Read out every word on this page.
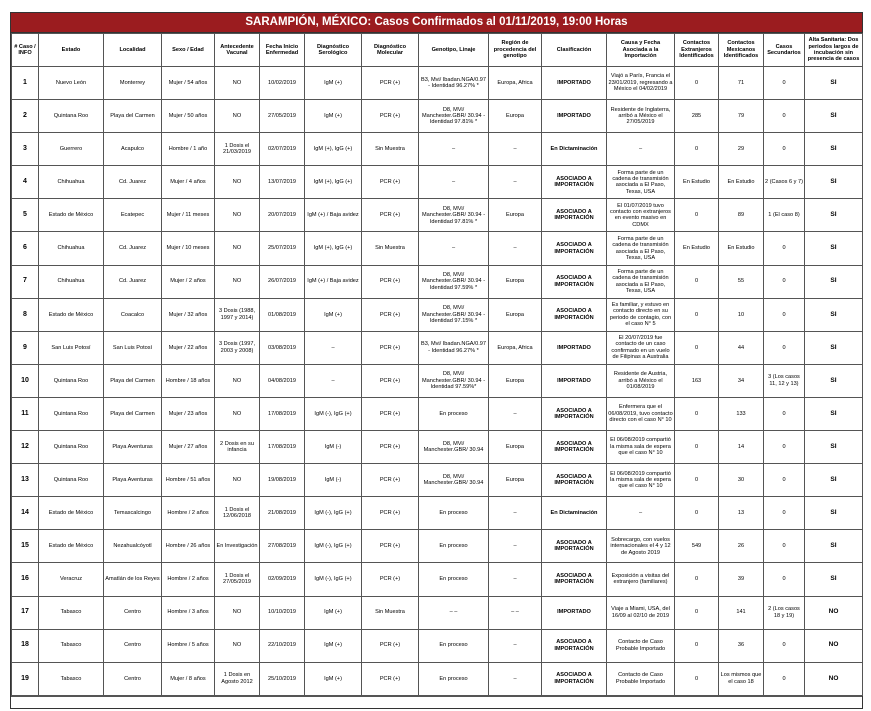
SARAMPIÓN, MÉXICO: Casos Confirmados al 01/11/2019, 19:00 Horas
# Caso / INFO	Estado	Localidad	Sexo / Edad	Antecedente Vacunal	Fecha Inicio Enfermedad	Diagnóstico Serológico	Diagnóstico Molecular	Genotipo, Linaje	Región de procedencia del genotipo	Clasificación	Causa y Fecha Asociada a la Importación	Contactos Extranjeros Identificados	Contactos Mexicanos Identificados	Casos Secundarios	Alta Sanitaria: Dos periodos largos de incubación sin presencia de casos
1	Nuevo León	Monterrey	Mujer / 54 años	NO	10/02/2019	IgM (+)	PCR (+)	B3, Mvi/ Ibadan.NGA/0.97 - Identidad 96.27% *	Europa, Africa	IMPORTADO	Viajó a París, Francia el 23/01/2019, regresando a México el 04/02/2019	0	71	0	SI
2	Quintana Roo	Playa del Carmen	Mujer / 50 años	NO	27/05/2019	IgM (+)	PCR (+)	D8, MVi/ Manchester.GBR/ 30.94 - Identidad 97.81% *	Europa	IMPORTADO	Residente de Inglaterra, arribó a México el 27/05/2019	285	79	0	SI
3	Guerrero	Acapulco	Hombre / 1 año	1 Dosis el 21/03/2019	02/07/2019	IgM (+), IgG (+)	Sin Muestra	–	–	En Dictaminación	–	0	29	0	SI
4	Chihuahua	Cd. Juarez	Mujer / 4 años	NO	13/07/2019	IgM (+), IgG (+)	PCR (+)	–	–	ASOCIADO A IMPORTACIÓN	Forma parte de un cadena de transmisión asociada a El Paso, Texas, USA	En Estudio	En Estudio	2 (Casos 6 y 7)	SI
5	Estado de México	Ecatepec	Mujer / 11 meses	NO	20/07/2019	IgM (+) / Baja avidez	PCR (+)	D8, MVi/ Manchester.GBR/ 30.94 - Identidad 97.81% *	Europa	ASOCIADO A IMPORTACIÓN	El 01/07/2019 tuvo contacto con extranjeros en evento masivo en CDMX	0	89	1 (El caso 8)	SI
6	Chihuahua	Cd. Juarez	Mujer / 10 meses	NO	25/07/2019	IgM (+), IgG (+)	Sin Muestra	–	–	ASOCIADO A IMPORTACIÓN	Forma parte de un cadena de transmisión asociada a El Paso, Texas, USA	En Estudio	En Estudio	0	SI
7	Chihuahua	Cd. Juarez	Mujer / 2 años	NO	26/07/2019	IgM (+) / Baja avidez	PCR (+)	D8, MVi/ Manchester.GBR/ 30.94 - Identidad 97.59% *	Europa	ASOCIADO A IMPORTACIÓN	Forma parte de un cadena de transmisión asociada a El Paso, Texas, USA	0	55	0	SI
8	Estado de México	Coacalco	Mujer / 32 años	3 Dosis (1988, 1997 y 2014)	01/08/2019	IgM (+)	PCR (+)	D8, MVi/ Manchester.GBR/ 30.94 - Identidad 97.15% *	Europa	ASOCIADO A IMPORTACIÓN	Es familiar, y estuvo en contacto directo en su periodo de contagio, con el caso N° 5	0	10	0	SI
9	San Luis Potosí	San Luis Potosí	Mujer / 22 años	3 Dosis (1997, 2003 y 2008)	03/08/2019	–	PCR (+)	B3, Mvi/ Ibadan.NGA/0.97 - Identidad 96.27% *	Europa, Africa	IMPORTADO	El 20/07/2019 fue contacto de un caso confirmado en un vuelo de Filipinas a Australia	0	44	0	SI
10	Quintana Roo	Playa del Carmen	Hombre / 18 años	NO	04/08/2019	–	PCR (+)	D8, MVi/ Manchester.GBR/ 30.94 - Identidad 97.59%*	Europa	IMPORTADO	Residente de Austria, arribó a México el 01/08/2019	163	34	3 (Los casos 11, 12 y 13)	SI
11	Quintana Roo	Playa del Carmen	Mujer / 23 años	NO	17/08/2019	IgM (-), IgG (+)	PCR (+)	En proceso	–	ASOCIADO A IMPORTACIÓN	Enfermera que el 06/08/2019, tuvo contacto directo con el caso N° 10	0	133	0	SI
12	Quintana Roo	Playa Aventuras	Mujer / 27 años	2 Dosis en su infancia	17/08/2019	IgM (-)	PCR (+)	D8, MVi/ Manchester.GBR/ 30.94	Europa	ASOCIADO A IMPORTACIÓN	El 06/08/2019 compartió la misma sala de espera que el caso N° 10	0	14	0	SI
13	Quintana Roo	Playa Aventuras	Hombre / 51 años	NO	19/08/2019	IgM (-)	PCR (+)	D8, MVi/ Manchester.GBR/ 30.94	Europa	ASOCIADO A IMPORTACIÓN	El 06/08/2019 compartió la misma sala de espera que el caso N° 10	0	30	0	SI
14	Estado de México	Temascalcingo	Hombre / 2 años	1 Dosis el 12/06/2018	21/08/2019	IgM (-), IgG (+)	PCR (+)	En proceso	–	En Dictaminación	–	0	13	0	SI
15	Estado de México	Nezahualcóyotl	Hombre / 26 años	En Investigación	27/08/2019	IgM (-), IgG (+)	PCR (+)	En proceso	–	ASOCIADO A IMPORTACIÓN	Sobrecargo, con vuelos internacionales el 4 y 12 de Agosto 2019	549	26	0	SI
16	Veracruz	Amatlán de los Reyes	Hombre / 2 años	1 Dosis el 27/05/2019	02/09/2019	IgM (-), IgG (+)	PCR (+)	En proceso	–	ASOCIADO A IMPORTACIÓN	Exposición a visitas del extranjero (familiares)	0	39	0	SI
17	Tabasco	Centro	Hombre / 3 años	NO	10/10/2019	IgM (+)	Sin Muestra	– –	– –	IMPORTADO	Viaje a Miami, USA, del 16/09 al 02/10 de 2019	0	141	2 (Los casos 18 y 19)	NO
18	Tabasco	Centro	Hombre / 5 años	NO	22/10/2019	IgM (+)	PCR (+)	En proceso	–	ASOCIADO A IMPORTACIÓN	Contacto de Caso Probable Importado	0	36	0	NO
19	Tabasco	Centro	Mujer / 8 años	1 Dosis en Agosto 2012	25/10/2019	IgM (+)	PCR (+)	En proceso	–	ASOCIADO A IMPORTACIÓN	Contacto de Caso Probable Importado	0	Los mismos que el caso 18	0	NO
